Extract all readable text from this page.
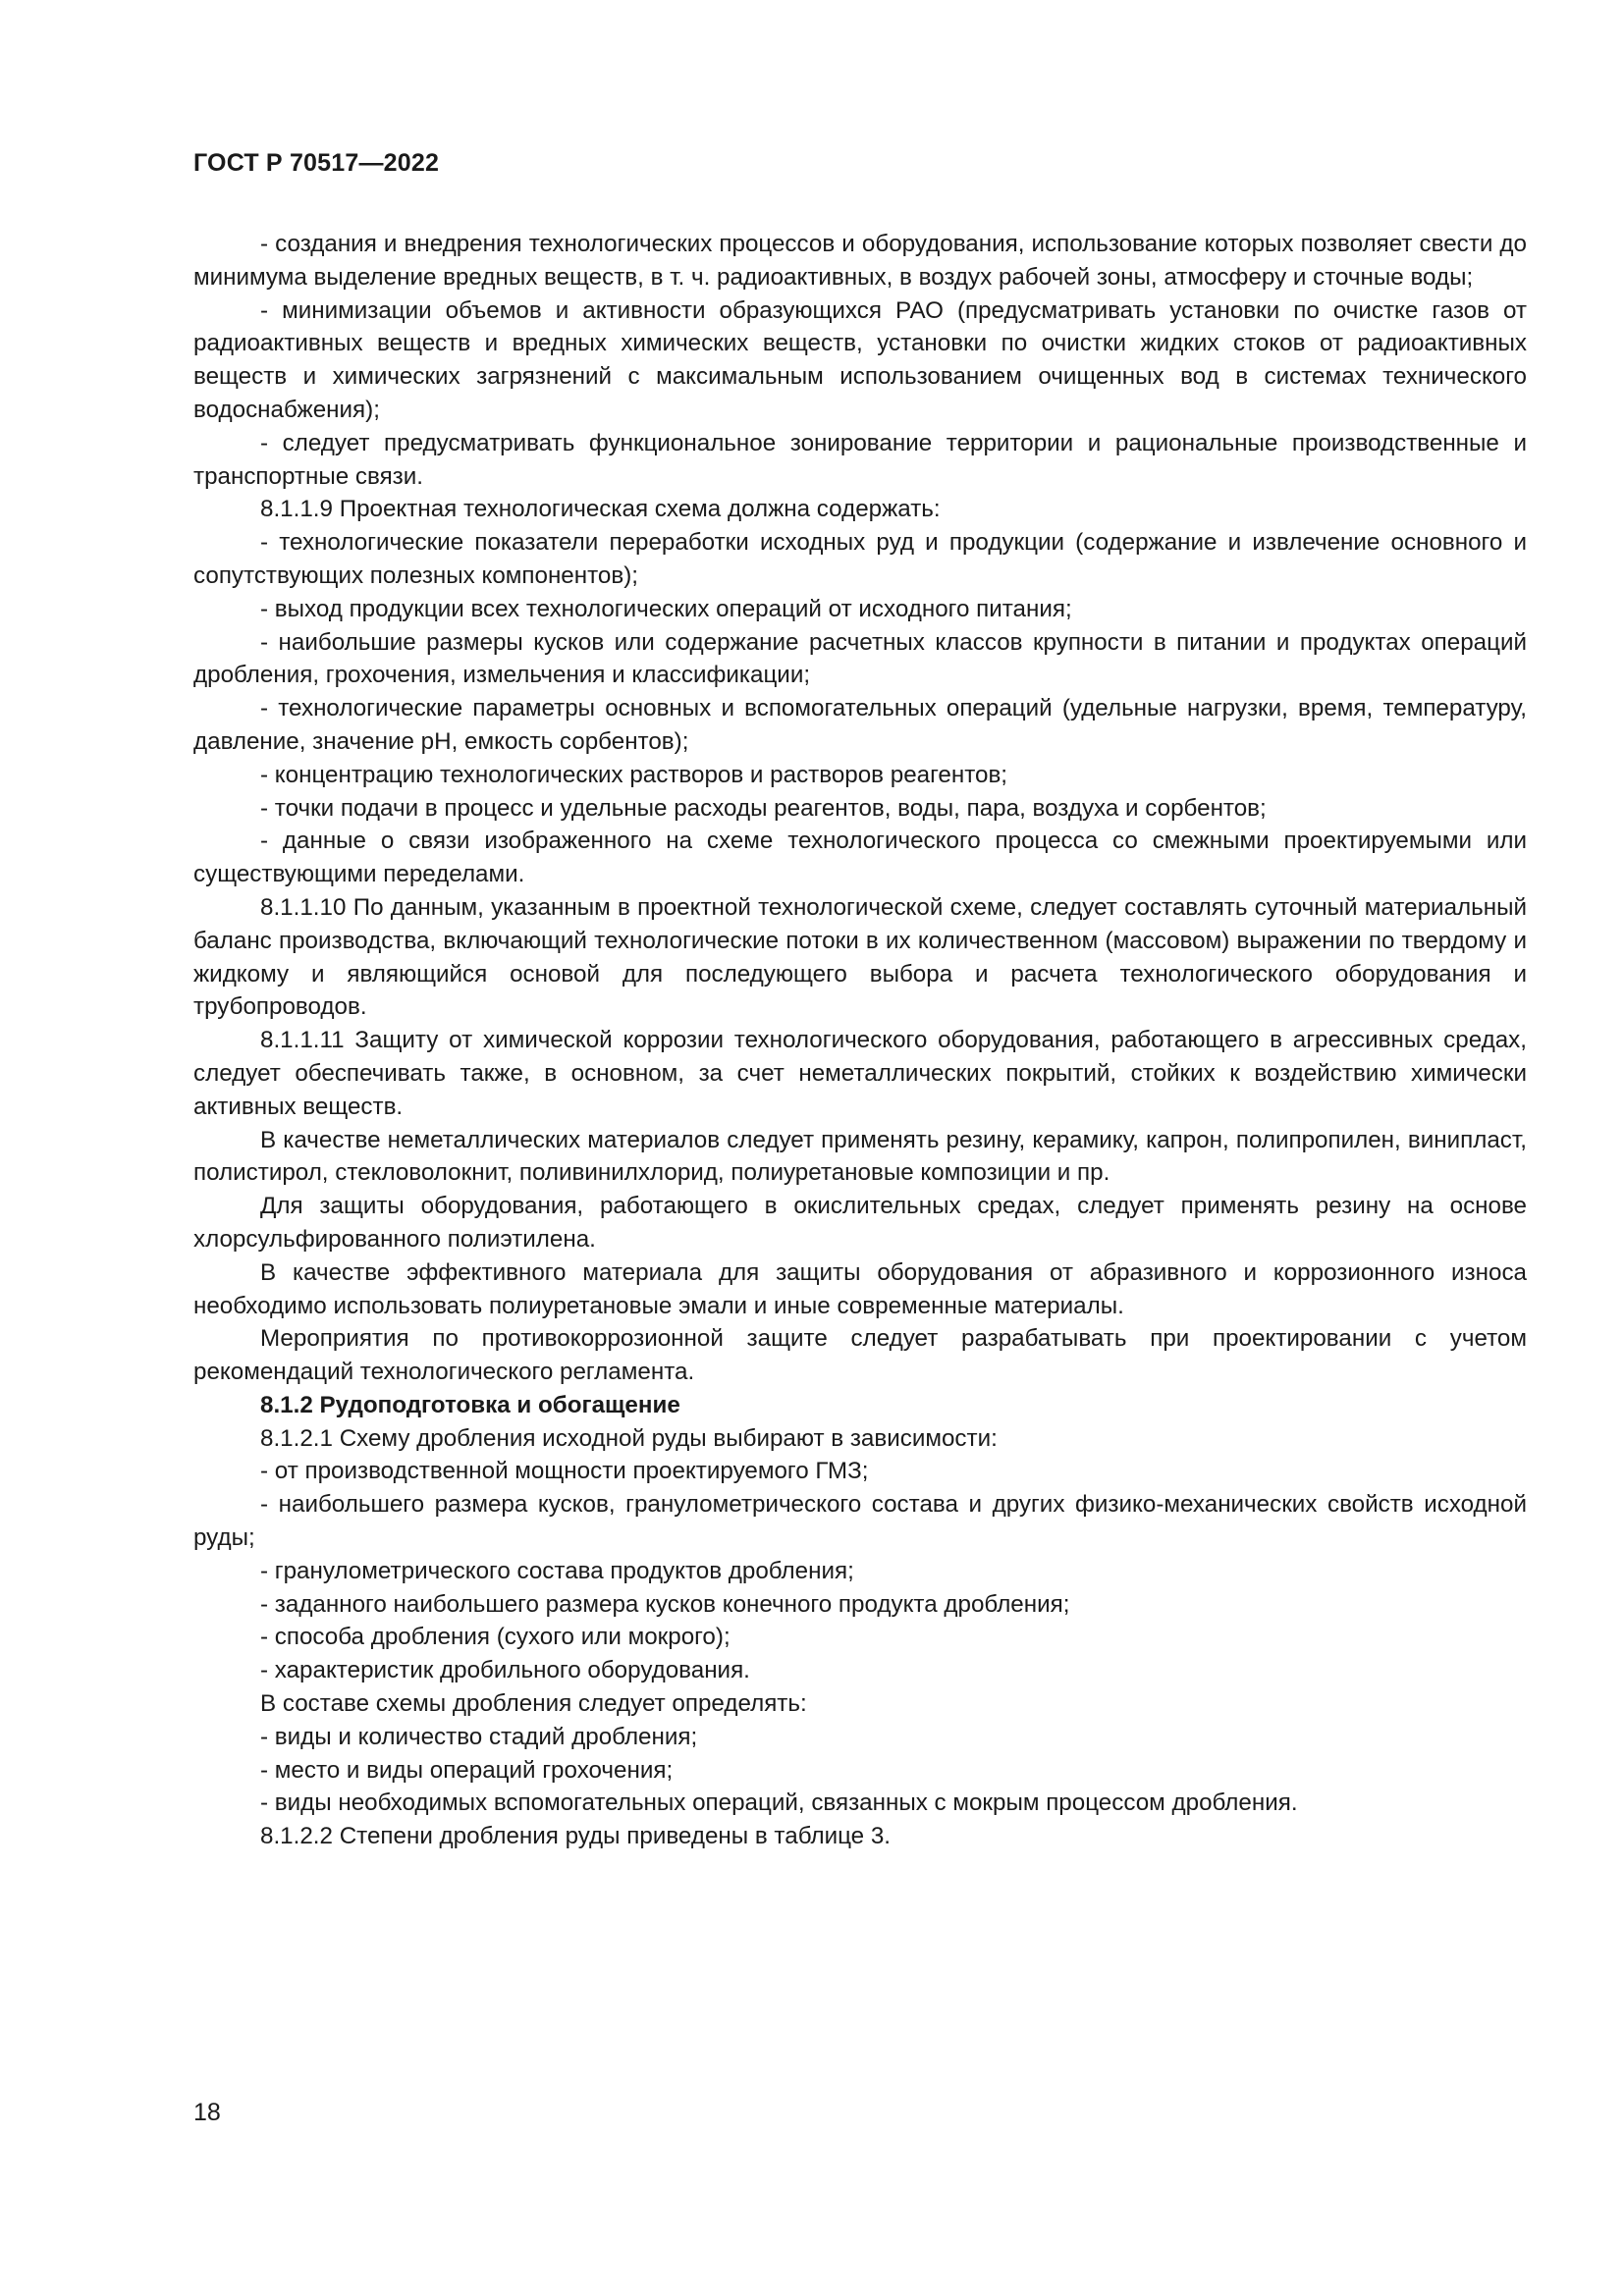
ГОСТ Р 70517—2022

- создания и внедрения технологических процессов и оборудования, использование которых позволяет свести до минимума выделение вредных веществ, в т. ч. радиоактивных, в воздух рабочей зоны, атмосферу и сточные воды;

- минимизации объемов и активности образующихся РАО (предусматривать установки по очистке газов от радиоактивных веществ и вредных химических веществ, установки по очистки жидких стоков от радиоактивных веществ и химических загрязнений с максимальным использованием очищенных вод в системах технического водоснабжения);

- следует предусматривать функциональное зонирование территории и рациональные производственные и транспортные связи.

8.1.1.9 Проектная технологическая схема должна содержать:

- технологические показатели переработки исходных руд и продукции (содержание и извлечение основного и сопутствующих полезных компонентов);

- выход продукции всех технологических операций от исходного питания;

- наибольшие размеры кусков или содержание расчетных классов крупности в питании и продуктах операций дробления, грохочения, измельчения и классификации;

- технологические параметры основных и вспомогательных операций (удельные нагрузки, время, температуру, давление, значение pH, емкость сорбентов);

- концентрацию технологических растворов и растворов реагентов;

- точки подачи в процесс и удельные расходы реагентов, воды, пара, воздуха и сорбентов;

- данные о связи изображенного на схеме технологического процесса со смежными проектируемыми или существующими переделами.

8.1.1.10 По данным, указанным в проектной технологической схеме, следует составлять суточный материальный баланс производства, включающий технологические потоки в их количественном (массовом) выражении по твердому и жидкому и являющийся основой для последующего выбора и расчета технологического оборудования и трубопроводов.

8.1.1.11 Защиту от химической коррозии технологического оборудования, работающего в агрессивных средах, следует обеспечивать также, в основном, за счет неметаллических покрытий, стойких к воздействию химически активных веществ.

В качестве неметаллических материалов следует применять резину, керамику, капрон, полипропилен, винипласт, полистирол, стекловолокнит, поливинилхлорид, полиуретановые композиции и пр.

Для защиты оборудования, работающего в окислительных средах, следует применять резину на основе хлорсульфированного полиэтилена.

В качестве эффективного материала для защиты оборудования от абразивного и коррозионного износа необходимо использовать полиуретановые эмали и иные современные материалы.

Мероприятия по противокоррозионной защите следует разрабатывать при проектировании с учетом рекомендаций технологического регламента.

8.1.2 Рудоподготовка и обогащение

8.1.2.1 Схему дробления исходной руды выбирают в зависимости:

- от производственной мощности проектируемого ГМЗ;

- наибольшего размера кусков, гранулометрического состава и других физико-механических свойств исходной руды;

- гранулометрического состава продуктов дробления;

- заданного наибольшего размера кусков конечного продукта дробления;

- способа дробления (сухого или мокрого);

- характеристик дробильного оборудования.

В составе схемы дробления следует определять:

- виды и количество стадий дробления;

- место и виды операций грохочения;

- виды необходимых вспомогательных операций, связанных с мокрым процессом дробления.

8.1.2.2 Степени дробления руды приведены в таблице 3.

18
